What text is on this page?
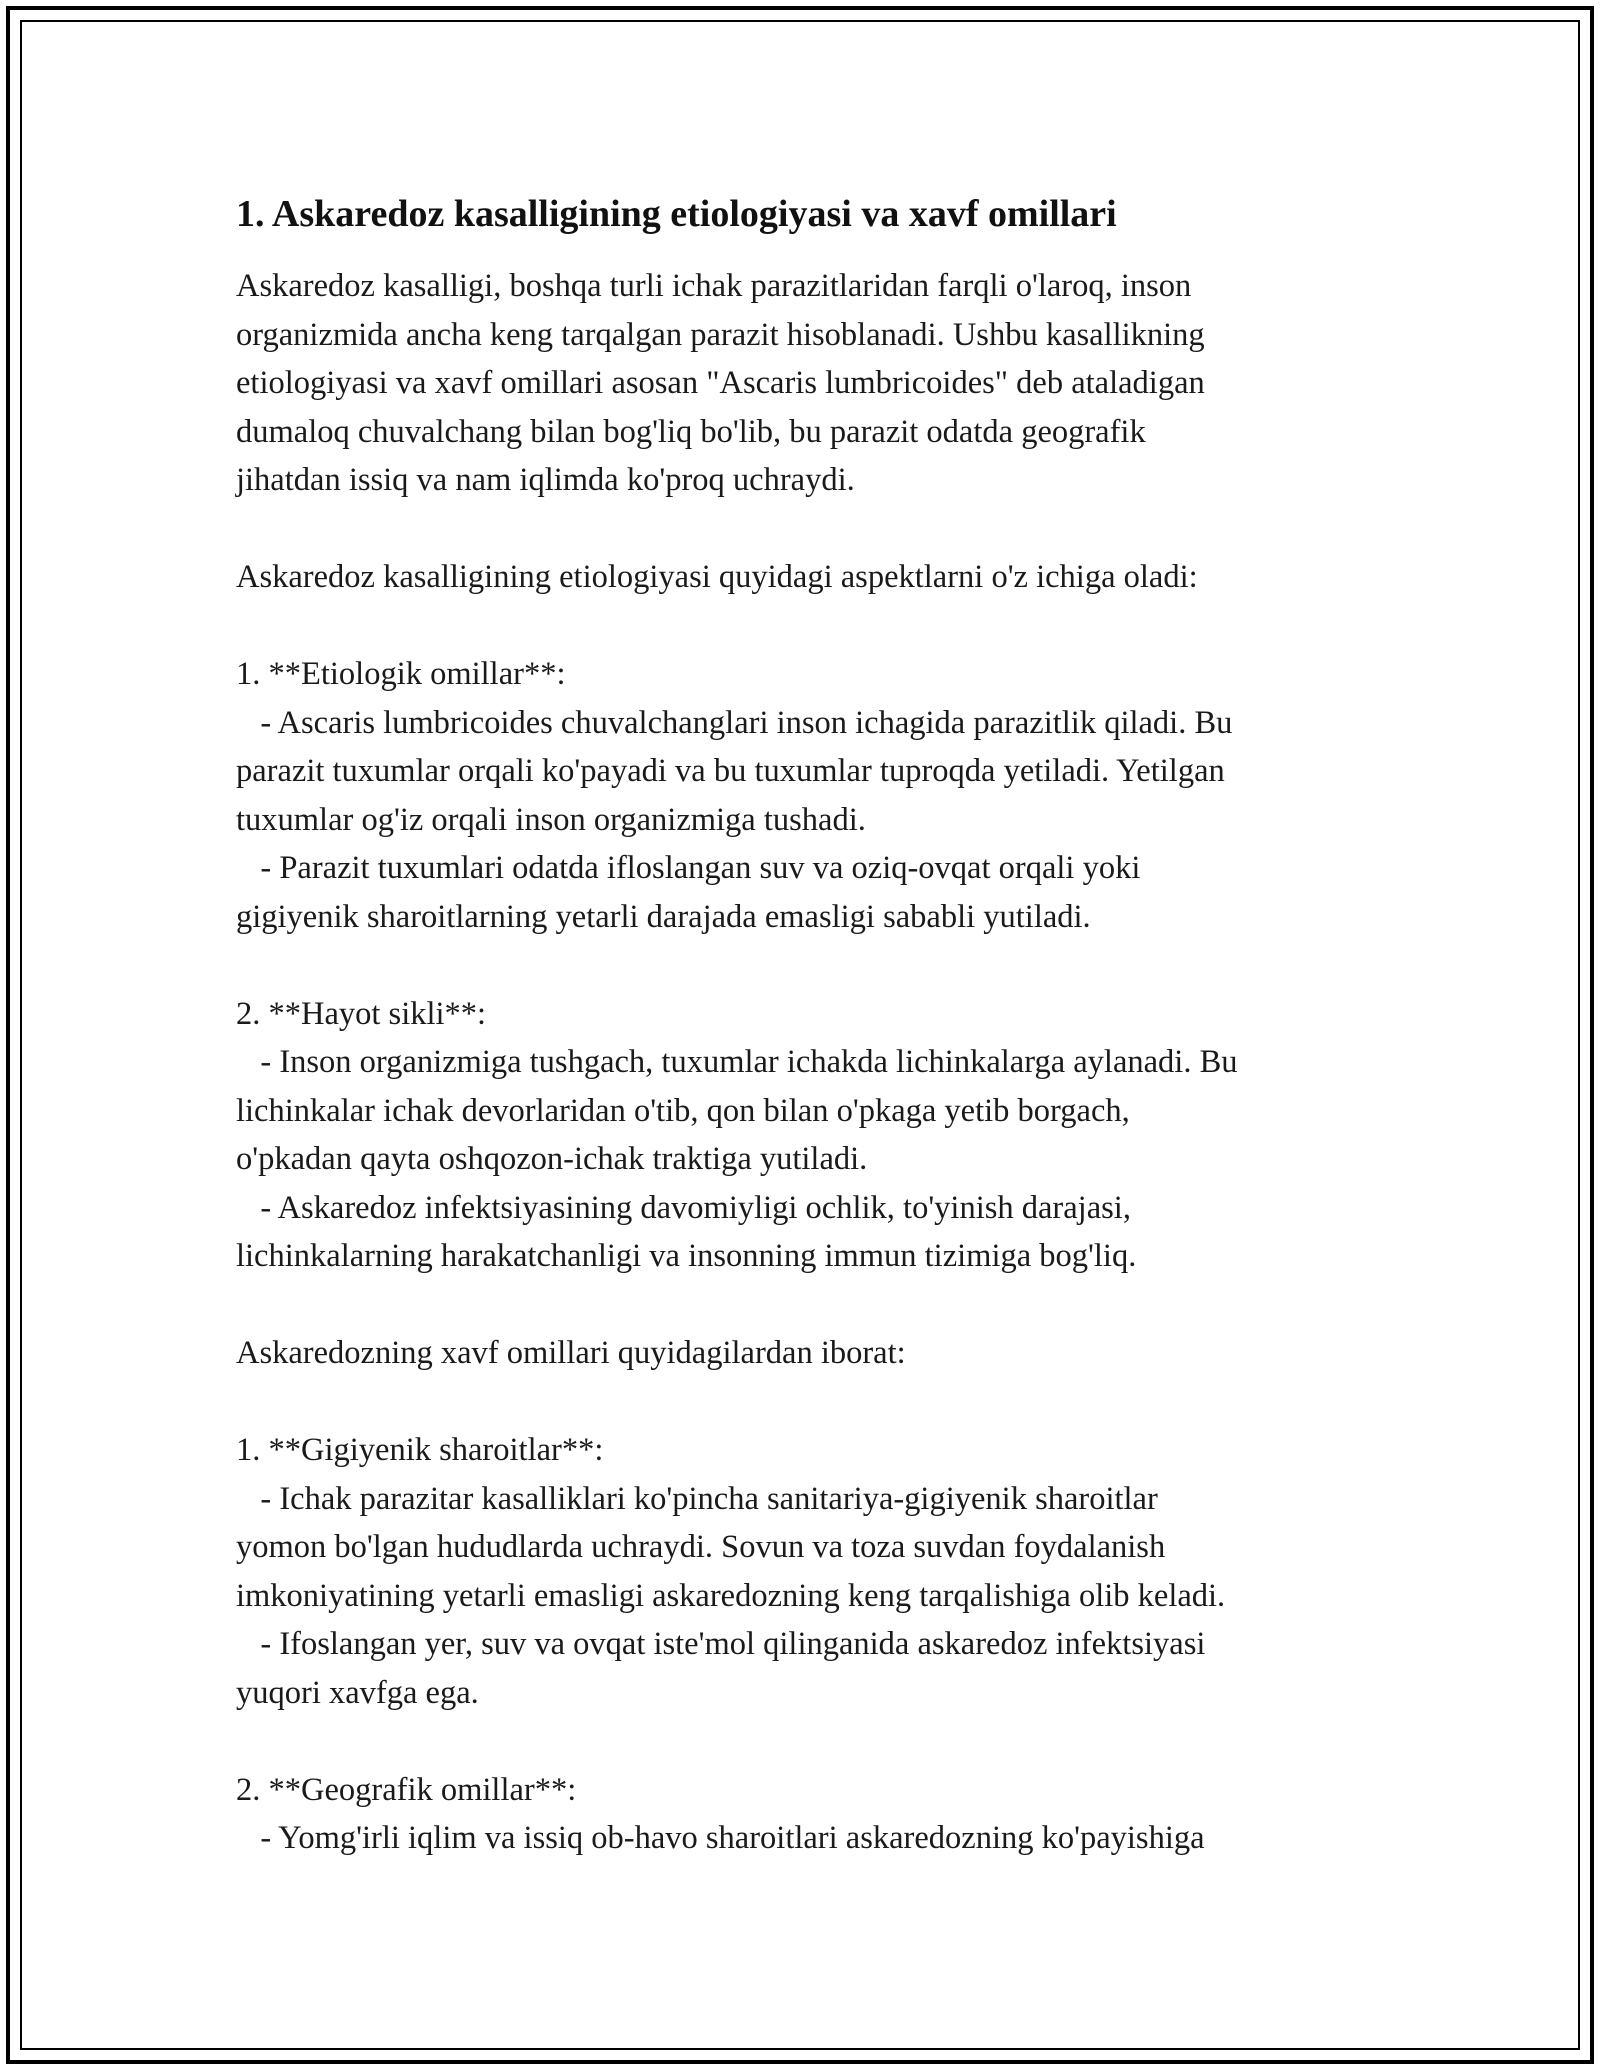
1. Askaredoz kasalligining etiologiyasi va xavf omillari

Askaredoz kasalligi, boshqa turli ichak parazitlaridan farqli o'laroq, inson

organizmida ancha keng tarqalgan parazit hisoblanadi. Ushbu kasallikning

etiologiyasi va xavf omillari asosan "Ascaris lumbricoides" deb ataladigan

dumaloq chuvalchang bilan bog'liq bo'lib, bu parazit odatda geografik

jihatdan issiq va nam iqlimda ko'proq uchraydi.

Askaredoz kasalligining etiologiyasi quyidagi aspektlarni o'z ichiga oladi:

1. **Etiologik omillar**:

- Ascaris lumbricoides chuvalchanglari inson ichagida parazitlik qiladi. Bu

parazit tuxumlar orqali ko'payadi va bu tuxumlar tuproqda yetiladi. Yetilgan

tuxumlar og'iz orqali inson organizmiga tushadi.

- Parazit tuxumlari odatda ifloslangan suv va oziq-ovqat orqali yoki

gigiyenik sharoitlarning yetarli darajada emasligi sababli yutiladi.

2. **Hayot sikli**:

- Inson organizmiga tushgach, tuxumlar ichakda lichinkalarga aylanadi. Bu

lichinkalar ichak devorlaridan o'tib, qon bilan o'pkaga yetib borgach,

o'pkadan qayta oshqozon-ichak traktiga yutiladi.

- Askaredoz infektsiyasining davomiyligi ochlik, to'yinish darajasi,

lichinkalarning harakatchanligi va insonning immun tizimiga bog'liq.

Askaredozning xavf omillari quyidagilardan iborat:

1. **Gigiyenik sharoitlar**:

- Ichak parazitar kasalliklari ko'pincha sanitariya-gigiyenik sharoitlar

yomon bo'lgan hududlarda uchraydi. Sovun va toza suvdan foydalanish

imkoniyatining yetarli emasligi askaredozning keng tarqalishiga olib keladi.

- Ifoslangan yer, suv va ovqat iste'mol qilinganida askaredoz infektsiyasi

yuqori xavfga ega.

2. **Geografik omillar**:

- Yomg'irli iqlim va issiq ob-havo sharoitlari askaredozning ko'payishiga
